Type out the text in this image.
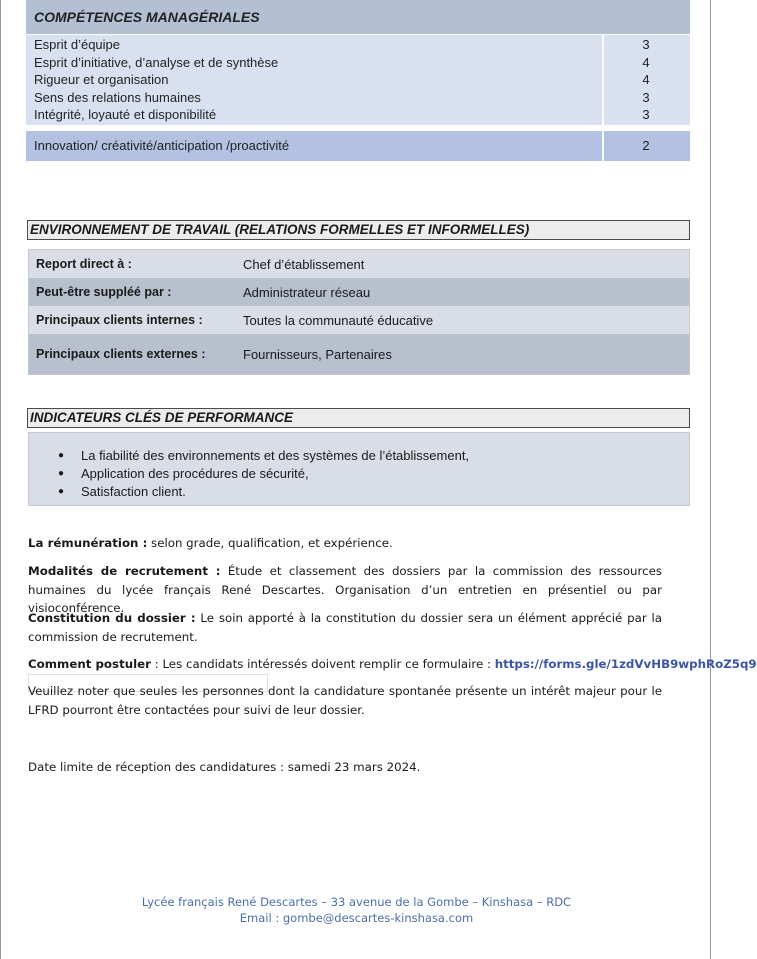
COMPÉTENCES MANAGÉRIALES
Esprit d’équipe	3
Esprit d’initiative, d’analyse et de synthèse	4
Rigueur et organisation	4
Sens des relations humaines	3
Intégrité, loyauté et disponibilité	3
Innovation/ créativité/anticipation /proactivité	2
ENVIRONNEMENT DE TRAVAIL (RELATIONS FORMELLES ET INFORMELLES)
Report direct à :	Chef d’établissement
Peut-être suppléé par :	Administrateur réseau
Principaux clients internes :	Toutes la communauté éducative
Principaux clients externes :	Fournisseurs, Partenaires
INDICATEURS CLÉS DE PERFORMANCE
● La fiabilité des environnements et des systèmes de l’établissement,
● Application des procédures de sécurité,
● Satisfaction client.
La rémunération : selon grade, qualification, et expérience.
Modalités de recrutement : Étude et classement des dossiers par la commission des ressources humaines du lycée français René Descartes. Organisation d’un entretien en présentiel ou par visioconférence.
Constitution du dossier : Le soin apporté à la constitution du dossier sera un élément apprécié par la commission de recrutement.
Comment postuler : Les candidats intéressés doivent remplir ce formulaire : https://forms.gle/1zdVvHB9wphRoZ5q9
Veuillez noter que seules les personnes dont la candidature spontanée présente un intérêt majeur pour le LFRD pourront être contactées pour suivi de leur dossier.
Date limite de réception des candidatures : samedi 23 mars 2024.
Lycée français René Descartes – 33 avenue de la Gombe – Kinshasa – RDC
Email : gombe@descartes-kinshasa.com
